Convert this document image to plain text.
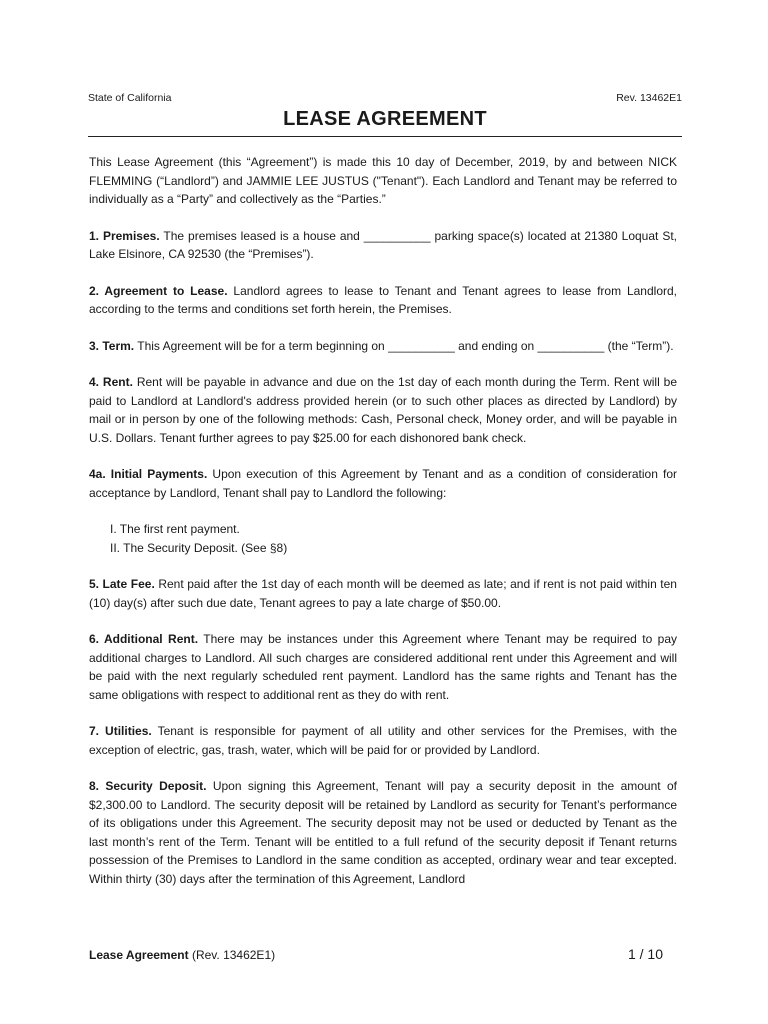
State of California	Rev. 13462E1
LEASE AGREEMENT

This Lease Agreement (this “Agreement”) is made this 10 day of December, 2019, by and between NICK FLEMMING (“Landlord”) and JAMMIE LEE JUSTUS ("Tenant"). Each Landlord and Tenant may be referred to individually as a “Party” and collectively as the “Parties.”

1. Premises. The premises leased is a house and __________ parking space(s) located at 21380 Loquat St, Lake Elsinore, CA 92530 (the “Premises”).

2. Agreement to Lease. Landlord agrees to lease to Tenant and Tenant agrees to lease from Landlord, according to the terms and conditions set forth herein, the Premises.

3. Term. This Agreement will be for a term beginning on __________ and ending on __________ (the “Term”).

4. Rent. Rent will be payable in advance and due on the 1st day of each month during the Term. Rent will be paid to Landlord at Landlord's address provided herein (or to such other places as directed by Landlord) by mail or in person by one of the following methods: Cash, Personal check, Money order, and will be payable in U.S. Dollars. Tenant further agrees to pay $25.00 for each dishonored bank check.

4a. Initial Payments. Upon execution of this Agreement by Tenant and as a condition of consideration for acceptance by Landlord, Tenant shall pay to Landlord the following:

I. The first rent payment.
II. The Security Deposit. (See §8)

5. Late Fee. Rent paid after the 1st day of each month will be deemed as late; and if rent is not paid within ten (10) day(s) after such due date, Tenant agrees to pay a late charge of $50.00.

6. Additional Rent. There may be instances under this Agreement where Tenant may be required to pay additional charges to Landlord. All such charges are considered additional rent under this Agreement and will be paid with the next regularly scheduled rent payment. Landlord has the same rights and Tenant has the same obligations with respect to additional rent as they do with rent.

7. Utilities. Tenant is responsible for payment of all utility and other services for the Premises, with the exception of electric, gas, trash, water, which will be paid for or provided by Landlord.

8. Security Deposit. Upon signing this Agreement, Tenant will pay a security deposit in the amount of $2,300.00 to Landlord. The security deposit will be retained by Landlord as security for Tenant’s performance of its obligations under this Agreement. The security deposit may not be used or deducted by Tenant as the last month’s rent of the Term. Tenant will be entitled to a full refund of the security deposit if Tenant returns possession of the Premises to Landlord in the same condition as accepted, ordinary wear and tear excepted. Within thirty (30) days after the termination of this Agreement, Landlord

Lease Agreement (Rev. 13462E1)	1 / 10
